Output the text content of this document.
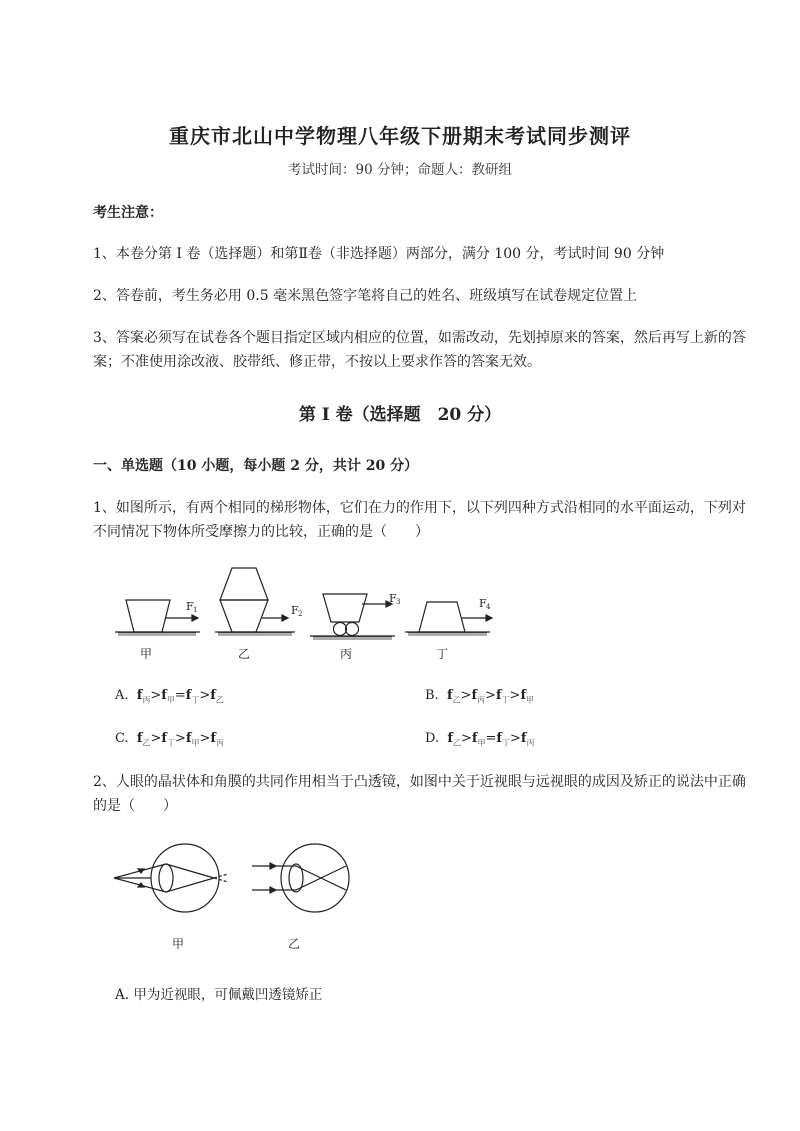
重庆市北山中学物理八年级下册期末考试同步测评
考试时间：90 分钟；命题人：教研组
考生注意：
1、本卷分第 I 卷（选择题）和第Ⅱ卷（非选择题）两部分，满分 100 分，考试时间 90 分钟
2、答卷前，考生务必用 0.5 毫米黑色签字笔将自己的姓名、班级填写在试卷规定位置上
3、答案必须写在试卷各个题目指定区域内相应的位置，如需改动，先划掉原来的答案，然后再写上新的答案；不准使用涂改液、胶带纸、修正带，不按以上要求作答的答案无效。
第 I 卷（选择题　20 分）
一、单选题（10 小题，每小题 2 分，共计 20 分）
1、如图所示，有两个相同的梯形物体，它们在力的作用下，以下列四种方式沿相同的水平面运动，下列对不同情况下物体所受摩擦力的比较，正确的是（　　）
F 1	F 2
F 3	F 4
甲	乙	丙	丁
A. $f_丙>f_甲=f_丁>f_乙$	B. $f_乙>f_丙>f_丁>f_甲$
C. $f_乙>f_丁>f_甲>f_丙$	D. $f_乙>f_甲=f_丁>f_丙$
2、人眼的晶状体和角膜的共同作用相当于凸透镜，如图中关于近视眼与远视眼的成因及矫正的说法中正确的是（　　）
甲	乙
A. 甲为近视眼，可佩戴凹透镜矫正
